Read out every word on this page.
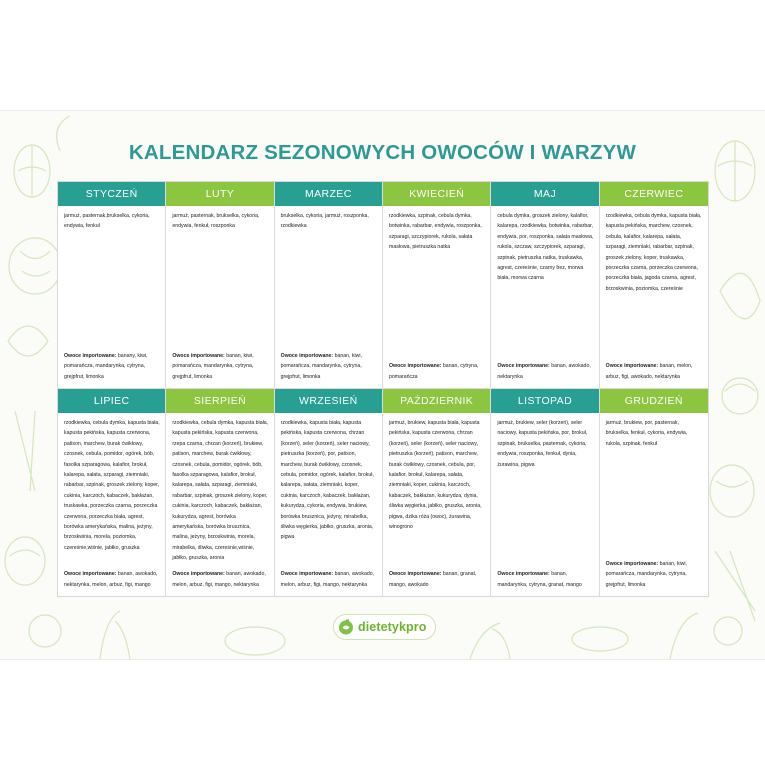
KALENDARZ SEZONOWYCH OWOCÓW I WARZYW
STYCZEŃ
jarmuż, pasternak,brukselka, cykoria, endywia, fenkuł
Owoce importowane: banany, kiwi, pomarańcza, mandarynka, cytryna, grejpfrut, limonka
LUTY
jarmuż, pasternak, brukselka, cykoria, endywia, fenkuł, roszponka
Owoce importowane: banan, kiwi, pomarańcza, mandarynka, cytryna, grejpfrut, limonka
MARZEC
brukselka, cykoria, jarmuż, roszponka, rzodkiewka
Owoce importowane: banan, kiwi, pomarańcza, mandarynka, cytryna, grejpfrut, limonka
KWIECIEŃ
rzodkiewka, szpinak, cebula dymka, botwinka, rabarbar, endywia, roszponka, szparagi, szczypiorek, rukola, sałata masłowa, pietruszka natka
Owoce importowane: banan, cytryna, pomarańcza
MAJ
cebula dymka, groszek zielony, kalafior, kalarepa, rzodkiewka, botwinka, rabarbar, endywia, por, roszponka, sałata masłowa, rukola, szczaw, szczypiorek, szparagi, szpinak, pietruszka natka, truskawka, agrest, czereśnie, czarny bez, morwa biała, morwa czarna
Owoce importowane: banan, awokado, nektarynka
CZERWIEC
rzodkiewka, cebula dymka, kapusta biała, kapusta pekińska, marchew, czosnek, cebula, kalafior, kalarepa, sałata, szparagi, ziemniaki, rabarbar, szpinak, groszek zielony, koper, truskawka, porzeczka czarna, porzeczka czerwona, porzeczka biała, jagoda czarna, agrest, brzoskwinia, poziomka, czereśnie
Owoce importowane: banan, melon, arbuz, figi, awokado, nektarynka
LIPIEC
rzodkiewka, cebula dymka, kapusta biała, kapusta pekińska, kapusta czerwona, patison, marchew, burak ćwikłowy, czosnek, cebula, pomidor, ogórek, bób, fasolka szparagowa, kalafior, brokuł, kalarepa, sałata, szparagi, ziemniaki, rabarbar, szpinak, groszek zielony, koper, cukinia, karczoch, kabaczek, bakłażan, truskawka, porzeczka czarna, porzeczka czerwona, porzeczka biała, agrest, borówka amerykańska, malina, jeżyny, brzoskwinia, morela, poziomka, czereśnie,wiśnie, jabłko, gruszka
Owoce importowane: banan, awokado, nektarynka, melon, arbuz, figi, mango
SIERPIEŃ
rzodkiewka, cebula dymka, kapusta biała, kapusta pekińska, kapusta czerwona, rzepa czarna, chrzan (korzeń), brukiew, patison, marchew, burak ćwikłowy, czosnek, cebula, pomidor, ogórek, bób, fasolka szparagowa, kalafior, brokuł, kalarepa, sałata, szparagi, ziemniaki, rabarbar, szpinak, groszek zielony, koper, cukinia, karczoch, kabaczek, bakłażan, kukurydza, agrest, borówka amerykańska, borówka brusznica, malina, jeżyny, brzoskwinia, morela, mirabelka, śliwka, czereśnie,wiśnie, jabłko, gruszka, aronia
Owoce importowane: banan, awokado, melon, arbuz, figi, mango, nektarynka
WRZESIEŃ
rzodkiewka, kapusta biała, kapusta pekińska, kapusta czerwona, chrzan (korzeń), seler (korzeń), seler naciowy, pietruszka (korzeń), por, patison, marchew, burak ćwikłowy, czosnek, cebula, pomidor, ogórek, kalafior, brokuł, kalarepa, sałata, ziemniaki, koper, cukinia, karczoch, kabaczek, bakłażan, kukurydza, cykoria, endywia, brukiew, borówka brusznica, jeżyny, mirabelka, śliwka węgierka, jabłko, gruszka, aronia, pigwa
Owoce importowane: banan, awokado, melon, arbuz, figi, mango, nektarynka
PAŹDZIERNIK
jarmuż, brukiew, kapusta biała, kapusta pekińska, kapusta czerwona, chrzan (korzeń), seler (korzeń), seler naciowy, pietruszka (korzeń), patison, marchew, burak ćwikłowy, czosnek, cebula, por, kalafior, brokuł, kalarepa, sałata, ziemniaki, koper, cukinia, karczoch, kabaczek, bakłażan, kukurydza, dynia, śliwka węgierka, jabłko, gruszka, aronia, pigwa, dzika róża (owoc), żurawina, winogrono
Owoce importowane: banan, granat, mango, awokado
LISTOPAD
jarmuż, brukiew, seler (korzeń), seler naciowy, kapusta pekińska, por, brokuł, szpinak, brukselka, pasternak, cykoria, endywia, roszponka, fenkuł, dynia, żurawina, pigwa
Owoce importowane: banan, mandarynka, cytryna, granat, mango
GRUDZIEŃ
jarmuż, brukiew, por, pasternak, brukselka, fenkuł, cykoria, endywia, rukola, szpinak, fenkuł
Owoce importowane: banan, kiwi, pomarańcza, mandarynka, cytryna, grejpfrut, limonka
dietetykpro
